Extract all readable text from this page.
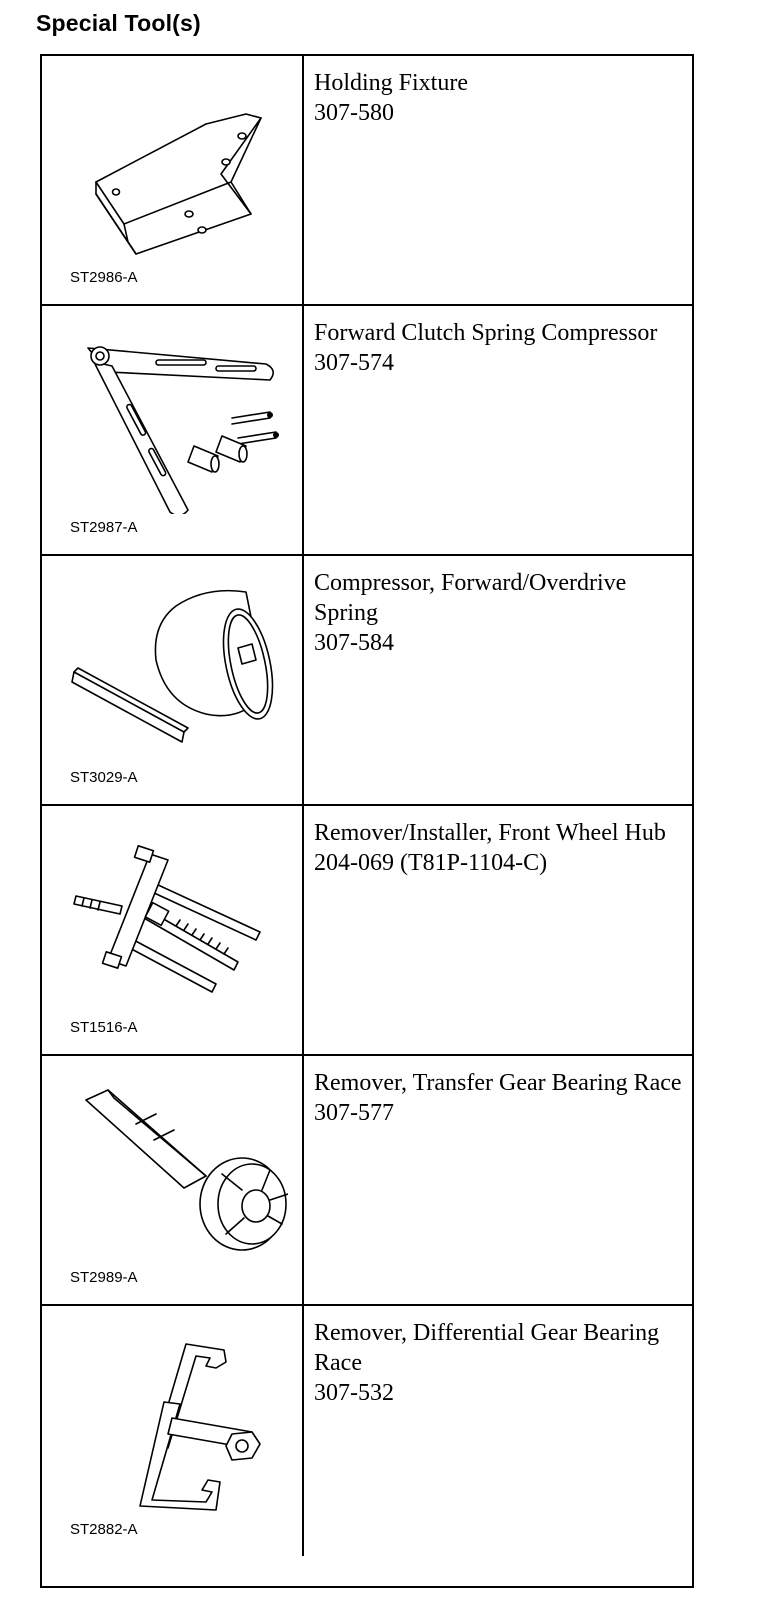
Special Tool(s)
ST2986-A
Holding Fixture
307-580
ST2987-A
Forward Clutch Spring Compressor
307-574
ST3029-A
Compressor, Forward/Overdrive Spring
307-584
ST1516-A
Remover/Installer, Front Wheel Hub
204-069 (T81P-1104-C)
ST2989-A
Remover, Transfer Gear Bearing Race
307-577
ST2882-A
Remover, Differential Gear Bearing Race
307-532
